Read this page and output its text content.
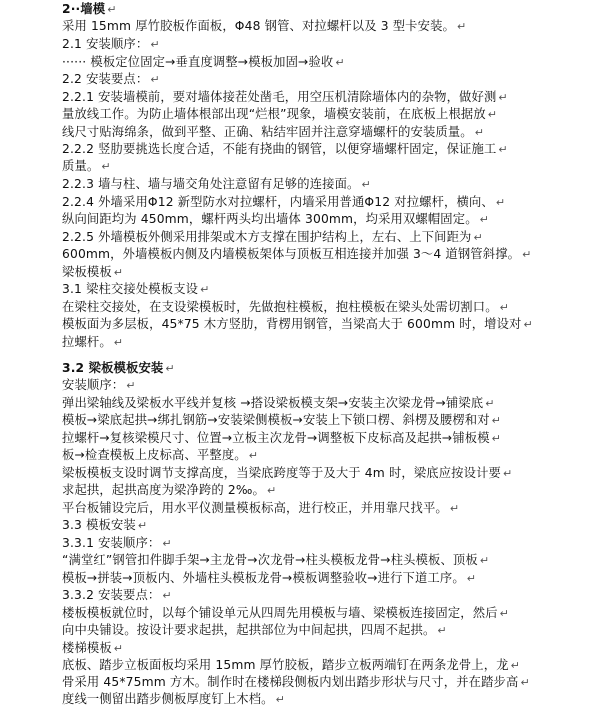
2··墙模 ↵
采用 15mm 厚竹胶板作面板，Φ48 钢管、对拉螺杆以及 3 型卡安装。 ↵
2.1 安装顺序： ↵
······ 模板定位固定→垂直度调整→模板加固→验收 ↵
2.2 安装要点： ↵
2.2.1 安装墙模前，要对墙体接茬处凿毛，用空压机清除墙体内的杂物，做好测 ↵
量放线工作。为防止墙体根部出现“烂根”现象，墙模安装前，在底板上根据放 ↵
线尺寸贴海绵条，做到平整、正确、粘结牢固并注意穿墙螺杆的安装质量。 ↵
2.2.2 竖肋要挑选长度合适，不能有挠曲的钢管，以便穿墙螺杆固定，保证施工 ↵
质量。 ↵
2.2.3 墙与柱、墙与墙交角处注意留有足够的连接面。 ↵
2.2.4 外墙采用Φ12 新型防水对拉螺杆，内墙采用普通Φ12 对拉螺杆，横向、 ↵
纵向间距均为 450mm，螺杆两头均出墙体 300mm，均采用双螺帽固定。 ↵
2.2.5 外墙模板外侧采用排架或木方支撑在围护结构上，左右、上下间距为 ↵
600mm，外墙模板内侧及内墙模板架体与顶板互相连接并加强 3～4 道钢管斜撑。 ↵
梁板模板 ↵
3.1 梁柱交接处模板支设 ↵
在梁柱交接处，在支设梁模板时，先做抱柱模板，抱柱模板在梁头处需切割口。 ↵
模板面为多层板，45*75 木方竖肋，背楞用钢管，当梁高大于 600mm 时，增设对 ↵
拉螺杆。 ↵
3.2 梁板模板安装 ↵
安装顺序： ↵
弹出梁轴线及梁板水平线并复核 →搭设梁板模支架→安装主次梁龙骨→铺梁底 ↵
模板→梁底起拱→绑扎钢筋→安装梁侧模板→安装上下锁口楞、斜楞及腰楞和对 ↵
拉螺杆→复核梁模尺寸、位置→立板主次龙骨→调整板下皮标高及起拱→铺板模 ↵
板→检查模板上皮标高、平整度。 ↵
梁板模板支设时调节支撑高度，当梁底跨度等于及大于 4m 时，梁底应按设计要 ↵
求起拱，起拱高度为梁净跨的 2‰。 ↵
平台板铺设完后，用水平仪测量模板标高，进行校正，并用靠尺找平。 ↵
3.3 模板安装 ↵
3.3.1 安装顺序： ↵
“满堂红”钢管扣件脚手架→主龙骨→次龙骨→柱头模板龙骨→柱头模板、顶板 ↵
模板→拼装→顶板内、外墙柱头模板龙骨→模板调整验收→进行下道工序。 ↵
3.3.2 安装要点： ↵
楼板模板就位时，以每个铺设单元从四周先用模板与墙、梁模板连接固定，然后 ↵
向中央铺设。按设计要求起拱，起拱部位为中间起拱，四周不起拱。 ↵
楼梯模板 ↵
底板、踏步立板面板均采用 15mm 厚竹胶板，踏步立板两端钉在两条龙骨上，龙 ↵
骨采用 45*75mm 方木。制作时在楼梯段侧板内划出踏步形状与尺寸，并在踏步高 ↵
度线一侧留出踏步侧板厚度钉上木档。 ↵
